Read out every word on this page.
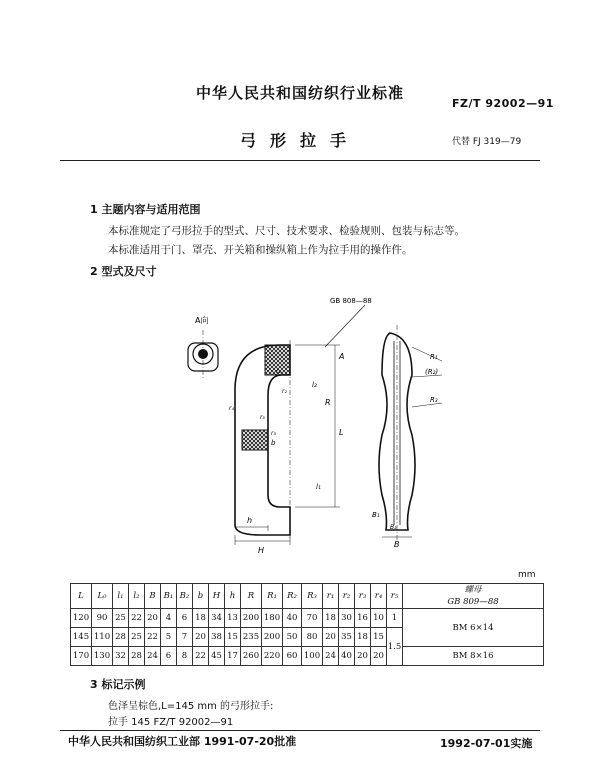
中华人民共和国纺织行业标准
FZ/T 92002—91
弓形拉手	代替 FJ 319—79
1 主题内容与适用范围
本标准规定了弓形拉手的型式、尺寸、技术要求、检验规则、包装与标志等。
本标准适用于门、罩壳、开关箱和操纵箱上作为拉手用的操作件。
2 型式及尺寸
A向
GB 808—88
A
L
R
h
H
b
l₁
l₂
r₁
r₂
r₃
r₄
r₅
R₁
(R₂)
R₃
B₁
B₂
B
mm
L	L₀	l₁	l₂	B	B₁	B₂	b	H	h	R	R₁	R₂	R₃	r₁	r₂	r₃	r₄	r₅	螺母
GB 809—88
120	90	25	22	20	4	6	18	34	13	200	180	40	70	18	30	16	10	1	BM 6×14
145	110	28	25	22	5	7	20	38	15	235	200	50	80	20	35	18	15	1.5	
170	130	32	28	24	6	8	22	45	17	260	220	60	100	24	40	20	20		BM 8×16
3 标记示例
色泽呈棕色,L=145 mm 的弓形拉手:
拉手 145 FZ/T 92002—91
中华人民共和国纺织工业部 1991-07-20批准	1992-07-01实施
